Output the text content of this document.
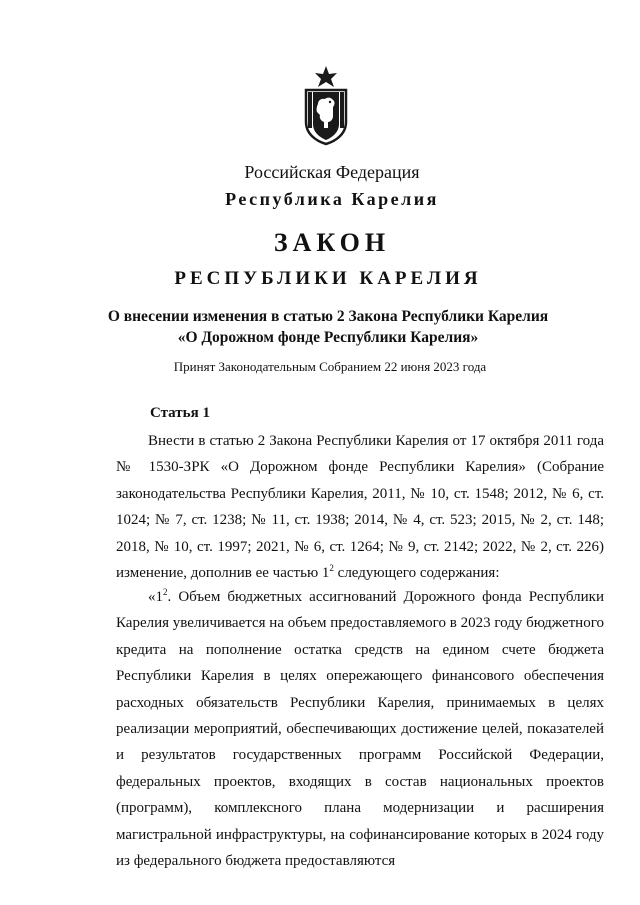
Российская Федерация
Республика Карелия
ЗАКОН
РЕСПУБЛИКИ КАРЕЛИЯ
О внесении изменения в статью 2 Закона Республики Карелия
«О Дорожном фонде Республики Карелия»
Принят Законодательным Собранием 22 июня 2023 года
Статья 1

Внести в статью 2 Закона Республики Карелия от 17 октября 2011 года № 1530-ЗРК «О Дорожном фонде Республики Карелия» (Собрание законодательства Республики Карелия, 2011, № 10, ст. 1548; 2012, № 6, ст. 1024; № 7, ст. 1238; № 11, ст. 1938; 2014, № 4, ст. 523; 2015, № 2, ст. 148; 2018, № 10, ст. 1997; 2021, № 6, ст. 1264; № 9, ст. 2142; 2022, № 2, ст. 226) изменение, дополнив ее частью $1^2$ следующего содержания:

«$1^2$. Объем бюджетных ассигнований Дорожного фонда Республики Карелия увеличивается на объем предоставляемого в 2023 году бюджетного кредита на пополнение остатка средств на едином счете бюджета Республики Карелия в целях опережающего финансового обеспечения расходных обязательств Республики Карелия, принимаемых в целях реализации мероприятий, обеспечивающих достижение целей, показателей и результатов государственных программ Российской Федерации, федеральных проектов, входящих в состав национальных проектов (программ), комплексного плана модернизации и расширения магистральной инфраструктуры, на софинансирование которых в 2024 году из федерального бюджета предоставляются
